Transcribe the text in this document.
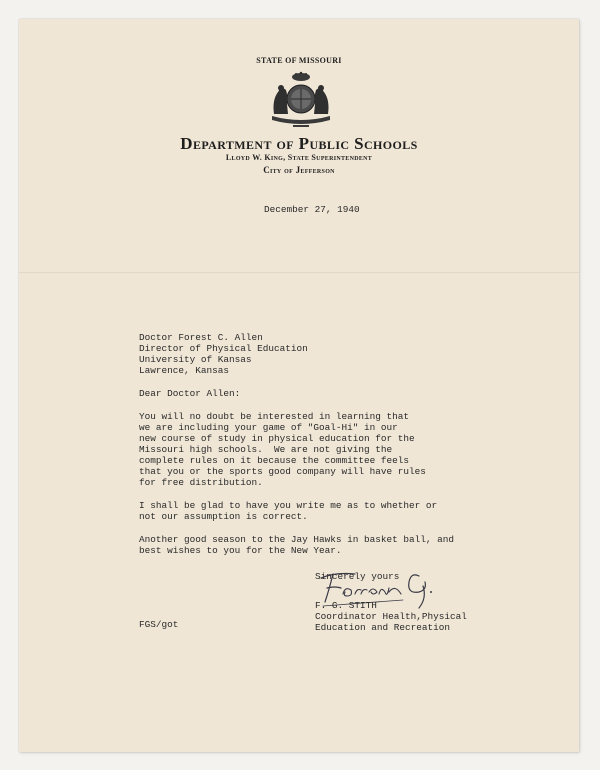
STATE OF MISSOURI
Department of Public Schools
Lloyd W. King, State Superintendent
City of Jefferson
December 27, 1940
Doctor Forest C. Allen
Director of Physical Education
University of Kansas
Lawrence, Kansas
Dear Doctor Allen:
You will no doubt be interested in learning that
we are including your game of "Goal-Hi" in our
new course of study in physical education for the
Missouri high schools.  We are not giving the
complete rules on it because the committee feels
that you or the sports good company will have rules
for free distribution.
I shall be glad to have you write me as to whether or
not our assumption is correct.
Another good season to the Jay Hawks in basket ball, and
best wishes to you for the New Year.
Sincerely yours
F. G. STITH
Coordinator Health,Physical
Education and Recreation
FGS/got
